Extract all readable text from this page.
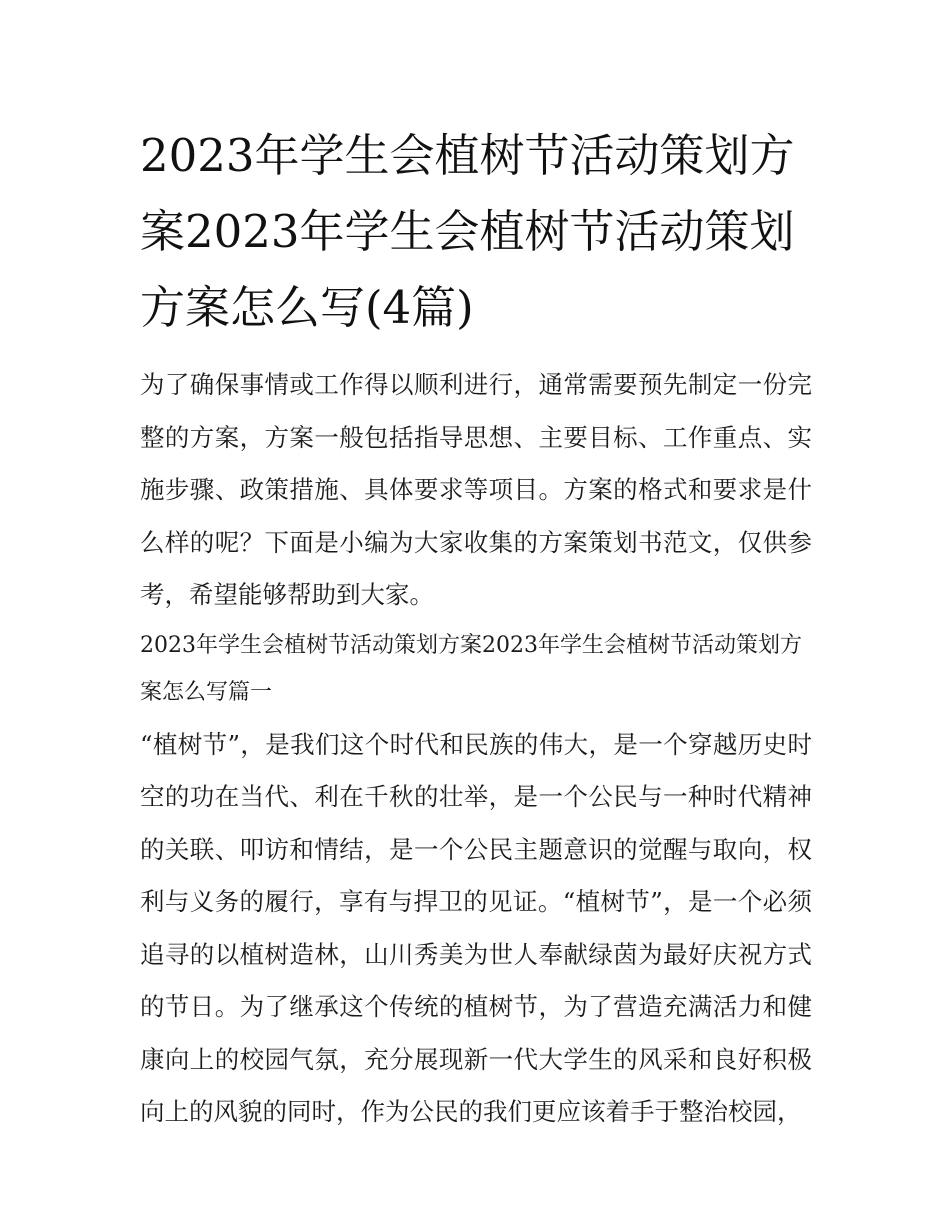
2023年学生会植树节活动策划方案2023年学生会植树节活动策划方案怎么写(4篇)

为了确保事情或工作得以顺利进行，通常需要预先制定一份完整的方案，方案一般包括指导思想、主要目标、工作重点、实施步骤、政策措施、具体要求等项目。方案的格式和要求是什么样的呢？下面是小编为大家收集的方案策划书范文，仅供参考，希望能够帮助到大家。

2023年学生会植树节活动策划方案2023年学生会植树节活动策划方案怎么写篇一

“植树节”，是我们这个时代和民族的伟大，是一个穿越历史时空的功在当代、利在千秋的壮举，是一个公民与一种时代精神的关联、叩访和情结，是一个公民主题意识的觉醒与取向，权利与义务的履行，享有与捍卫的见证。“植树节”，是一个必须追寻的以植树造林，山川秀美为世人奉献绿茵为最好庆祝方式的节日。为了继承这个传统的植树节，为了营造充满活力和健康向上的校园气氛，充分展现新一代大学生的风采和良好积极向上的风貌的同时，作为公民的我们更应该着手于整治校园，
